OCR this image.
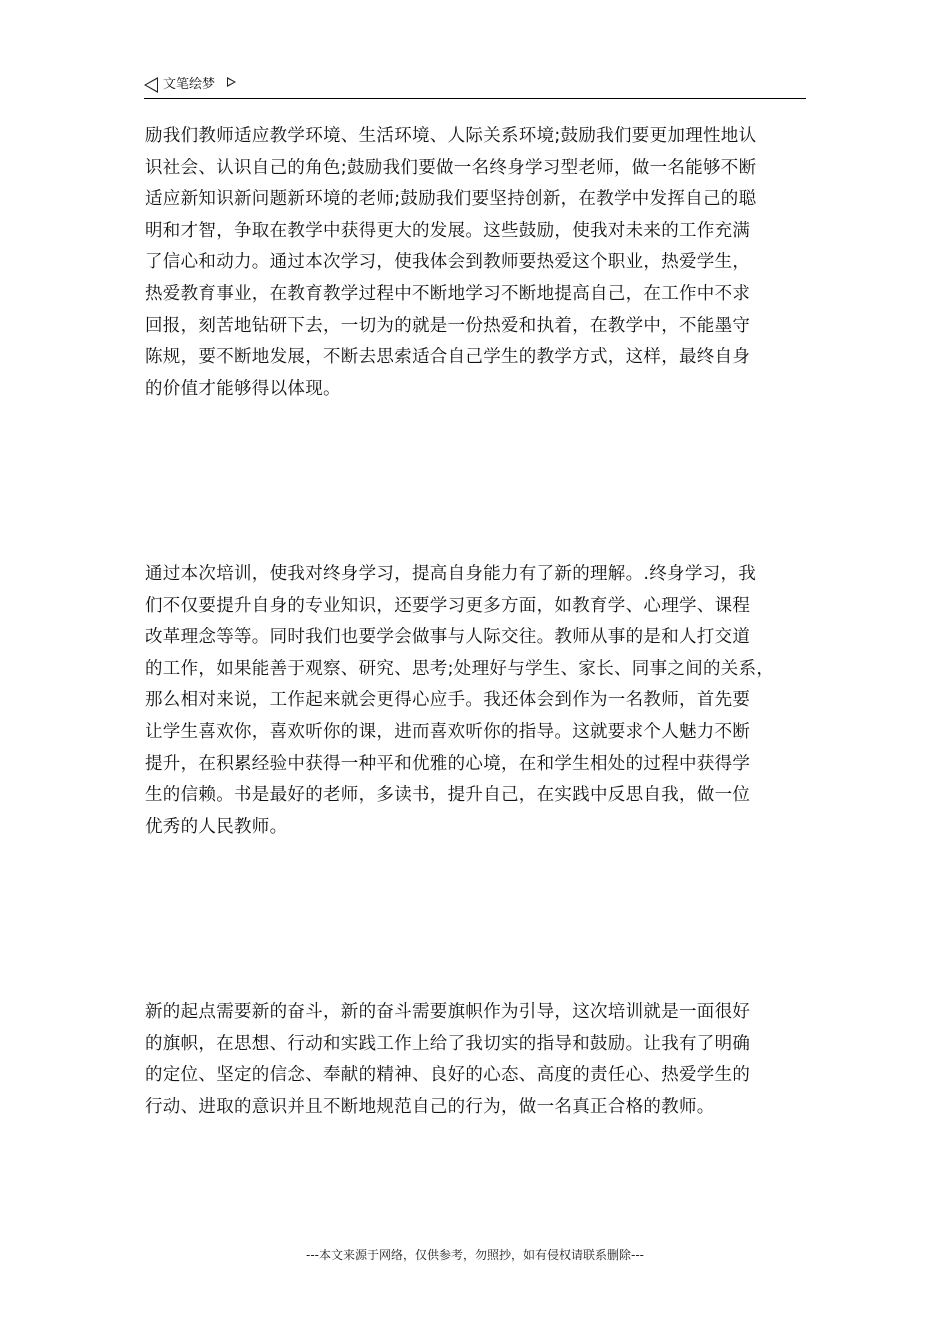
文笔绘梦

励我们教师适应教学环境、生活环境、人际关系环境;鼓励我们要更加理性地认
识社会、认识自己的角色;鼓励我们要做一名终身学习型老师，做一名能够不断
适应新知识新问题新环境的老师;鼓励我们要坚持创新，在教学中发挥自己的聪
明和才智，争取在教学中获得更大的发展。这些鼓励，使我对未来的工作充满
了信心和动力。通过本次学习，使我体会到教师要热爱这个职业，热爱学生，
热爱教育事业，在教育教学过程中不断地学习不断地提高自己，在工作中不求
回报，刻苦地钻研下去，一切为的就是一份热爱和执着，在教学中，不能墨守
陈规，要不断地发展，不断去思索适合自己学生的教学方式，这样，最终自身
的价值才能够得以体现。

通过本次培训，使我对终身学习，提高自身能力有了新的理解。.终身学习，我
们不仅要提升自身的专业知识，还要学习更多方面，如教育学、心理学、课程
改革理念等等。同时我们也要学会做事与人际交往。教师从事的是和人打交道
的工作，如果能善于观察、研究、思考;处理好与学生、家长、同事之间的关系，
那么相对来说，工作起来就会更得心应手。我还体会到作为一名教师，首先要
让学生喜欢你，喜欢听你的课，进而喜欢听你的指导。这就要求个人魅力不断
提升，在积累经验中获得一种平和优雅的心境，在和学生相处的过程中获得学
生的信赖。书是最好的老师，多读书，提升自己，在实践中反思自我，做一位
优秀的人民教师。

新的起点需要新的奋斗，新的奋斗需要旗帜作为引导，这次培训就是一面很好
的旗帜，在思想、行动和实践工作上给了我切实的指导和鼓励。让我有了明确
的定位、坚定的信念、奉献的精神、良好的心态、高度的责任心、热爱学生的
行动、进取的意识并且不断地规范自己的行为，做一名真正合格的教师。

---本文来源于网络，仅供参考，勿照抄，如有侵权请联系删除---
